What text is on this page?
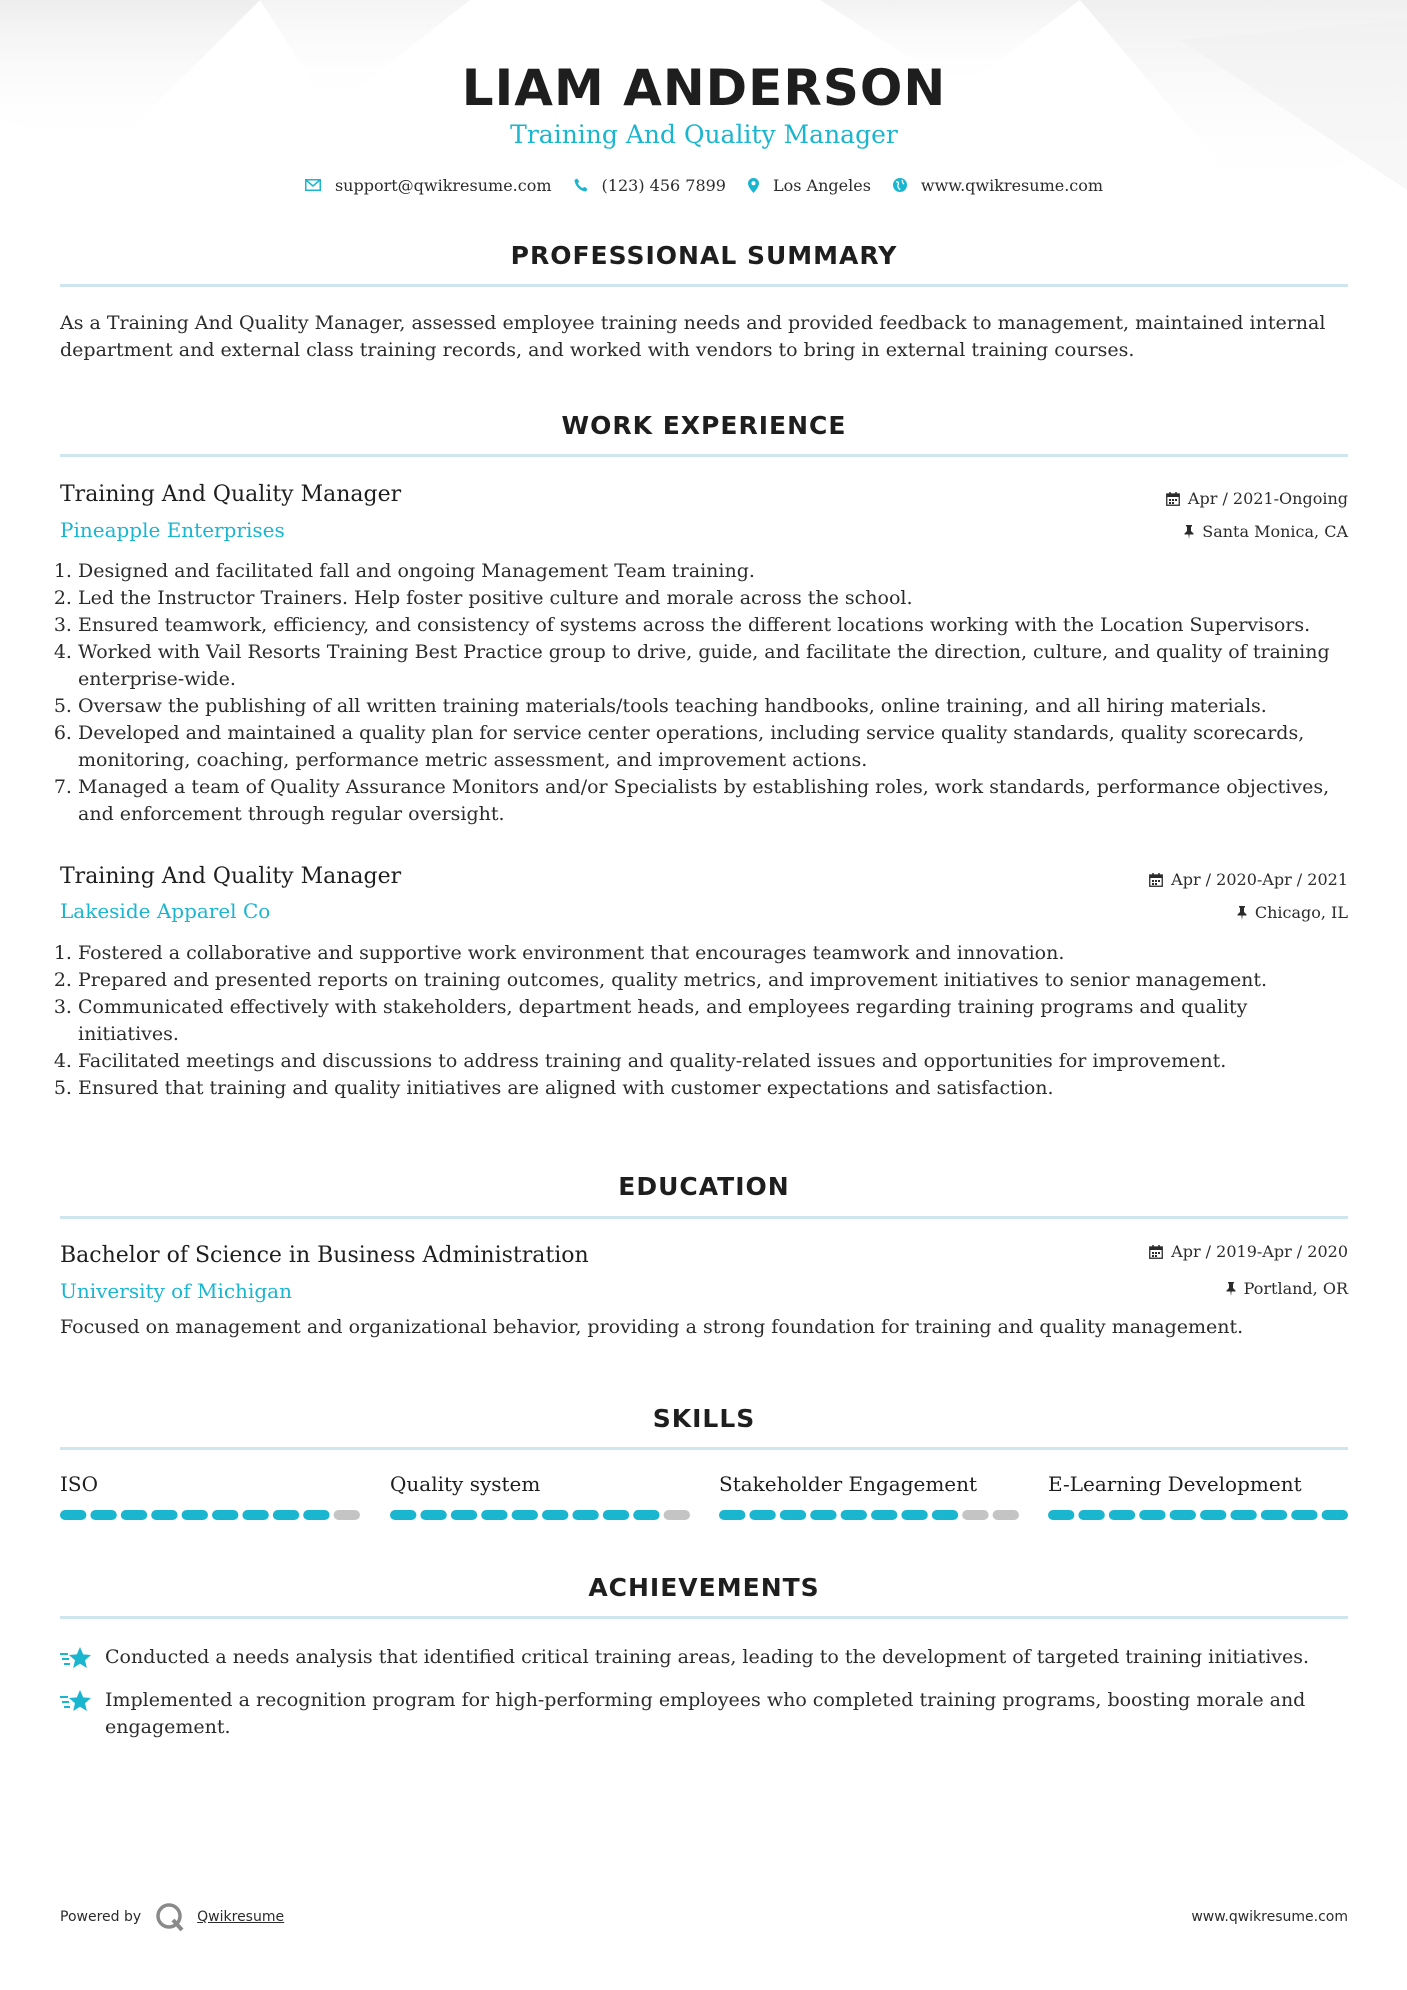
LIAM ANDERSON
Training And Quality Manager
support@qwikresume.com	(123) 456 7899	Los Angeles	www.qwikresume.com
PROFESSIONAL SUMMARY

As a Training And Quality Manager, assessed employee training needs and provided feedback to management, maintained internal department and external class training records, and worked with vendors to bring in external training courses.

WORK EXPERIENCE
Training And Quality Manager	Apr / 2021-Ongoing
Pineapple Enterprises	Santa Monica, CA
1. Designed and facilitated fall and ongoing Management Team training.
2. Led the Instructor Trainers. Help foster positive culture and morale across the school.
3. Ensured teamwork, efficiency, and consistency of systems across the different locations working with the Location Supervisors.
4. Worked with Vail Resorts Training Best Practice group to drive, guide, and facilitate the direction, culture, and quality of training enterprise-wide.
5. Oversaw the publishing of all written training materials/tools teaching handbooks, online training, and all hiring materials.
6. Developed and maintained a quality plan for service center operations, including service quality standards, quality scorecards, monitoring, coaching, performance metric assessment, and improvement actions.
7. Managed a team of Quality Assurance Monitors and/or Specialists by establishing roles, work standards, performance objectives, and enforcement through regular oversight.
Training And Quality Manager	Apr / 2020-Apr / 2021
Lakeside Apparel Co	Chicago, IL
1. Fostered a collaborative and supportive work environment that encourages teamwork and innovation.
2. Prepared and presented reports on training outcomes, quality metrics, and improvement initiatives to senior management.
3. Communicated effectively with stakeholders, department heads, and employees regarding training programs and quality initiatives.
4. Facilitated meetings and discussions to address training and quality-related issues and opportunities for improvement.
5. Ensured that training and quality initiatives are aligned with customer expectations and satisfaction.
EDUCATION
Bachelor of Science in Business Administration	Apr / 2019-Apr / 2020
University of Michigan	Portland, OR

Focused on management and organizational behavior, providing a strong foundation for training and quality management.

SKILLS
ISO	Quality system	Stakeholder Engagement	E-Learning Development
ACHIEVEMENTS

Conducted a needs analysis that identified critical training areas, leading to the development of targeted training initiatives.

Implemented a recognition program for high-performing employees who completed training programs, boosting morale and engagement.

Powered by	Qwikresume	www.qwikresume.com
